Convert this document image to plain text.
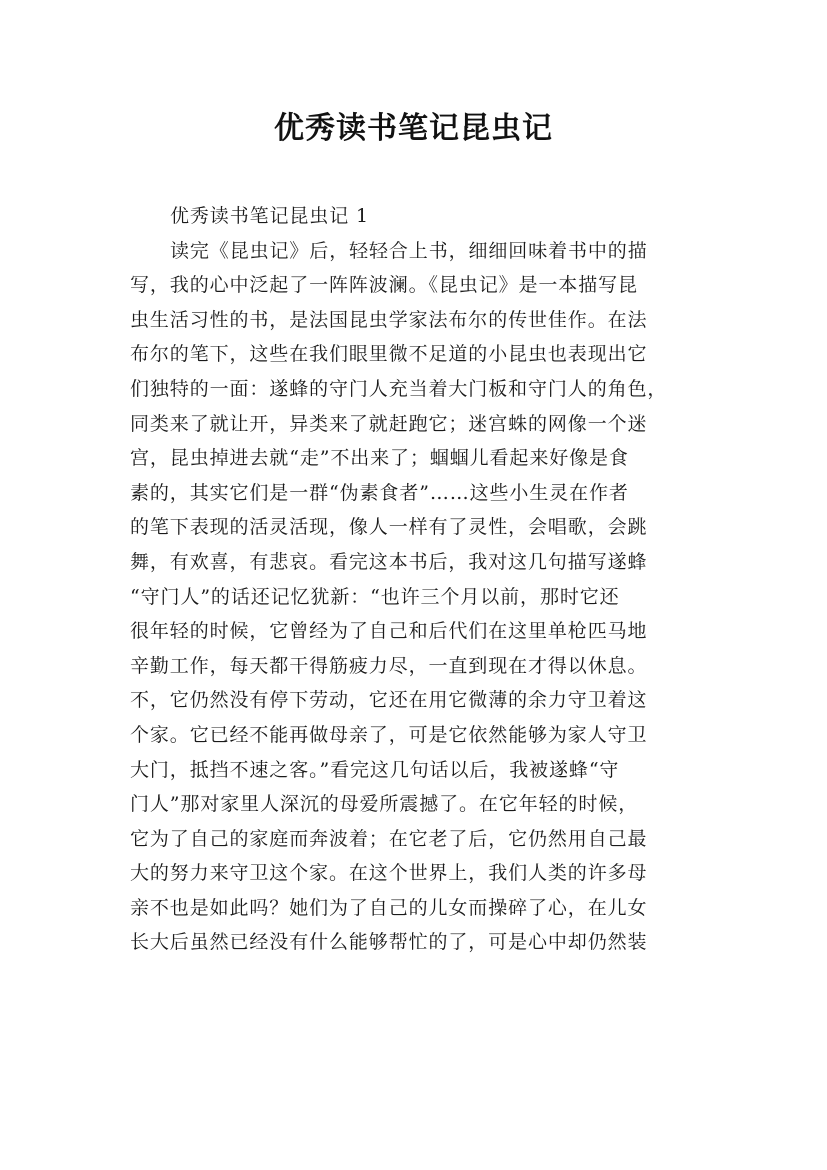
优秀读书笔记昆虫记
优秀读书笔记昆虫记 1
读完《昆虫记》后，轻轻合上书，细细回味着书中的描
写，我的心中泛起了一阵阵波澜。《昆虫记》是一本描写昆
虫生活习性的书，是法国昆虫学家法布尔的传世佳作。在法
布尔的笔下，这些在我们眼里微不足道的小昆虫也表现出它
们独特的一面：遂蜂的守门人充当着大门板和守门人的角色，
同类来了就让开，异类来了就赶跑它；迷宫蛛的网像一个迷
宫，昆虫掉进去就“走”不出来了；蝈蝈儿看起来好像是食
素的，其实它们是一群“伪素食者”……这些小生灵在作者
的笔下表现的活灵活现，像人一样有了灵性，会唱歌，会跳
舞，有欢喜，有悲哀。看完这本书后，我对这几句描写遂蜂
“守门人”的话还记忆犹新：“也许三个月以前，那时它还
很年轻的时候，它曾经为了自己和后代们在这里单枪匹马地
辛勤工作，每天都干得筋疲力尽，一直到现在才得以休息。
不，它仍然没有停下劳动，它还在用它微薄的余力守卫着这
个家。它已经不能再做母亲了，可是它依然能够为家人守卫
大门，抵挡不速之客。”看完这几句话以后，我被遂蜂“守
门人”那对家里人深沉的母爱所震撼了。在它年轻的时候，
它为了自己的家庭而奔波着；在它老了后，它仍然用自己最
大的努力来守卫这个家。在这个世界上，我们人类的许多母
亲不也是如此吗？她们为了自己的儿女而操碎了心，在儿女
长大后虽然已经没有什么能够帮忙的了，可是心中却仍然装
